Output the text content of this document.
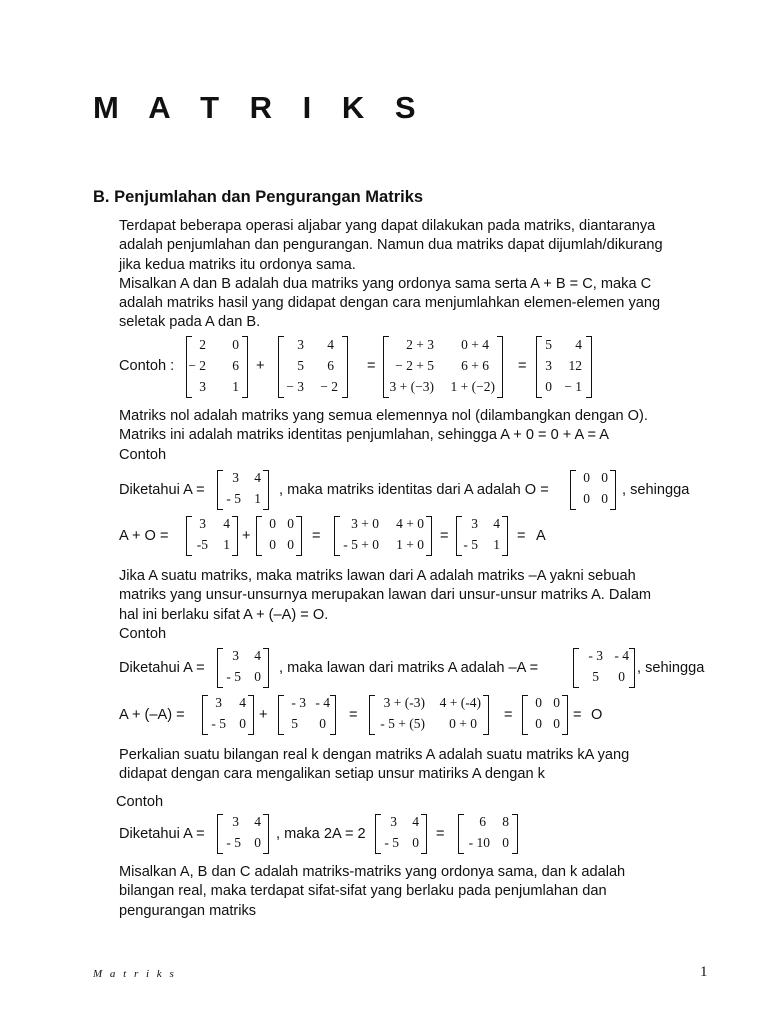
M A T R I K S
B. Penjumlahan dan Pengurangan Matriks
Terdapat beberapa operasi aljabar yang dapat dilakukan pada matriks, diantaranya
adalah penjumlahan dan pengurangan. Namun dua matriks dapat dijumlah/dikurang
jika kedua matriks itu ordonya sama.
Misalkan A dan B adalah dua matriks yang ordonya sama serta A + B = C, maka C
adalah matriks hasil yang didapat dengan cara menjumlahkan elemen-elemen yang
seletak pada A dan B.
Contoh :
2 0
− 2 6
3 1
+
3 4
5 6
− 3 − 2
=
2 + 3 0 + 4
− 2 + 5 6 + 6
3 + (−3) 1 + (−2)
=
5 4
3 12
0 − 1
Matriks nol adalah matriks yang semua elemennya nol (dilambangkan dengan O).
Matriks ini adalah matriks identitas penjumlahan, sehingga A + 0 = 0 + A = A
Contoh
Diketahui A =
3 4
- 5 1
, maka matriks identitas dari A adalah O =
0 0
0 0
, sehingga
A + O =
3 4
-5 1
+
0 0
0 0
=
3 + 0 4 + 0
- 5 + 0 1 + 0
=
3 4
- 5 1
= A
Jika A suatu matriks, maka matriks lawan dari A adalah matriks –A yakni sebuah
matriks yang unsur-unsurnya merupakan lawan dari unsur-unsur matriks A. Dalam
hal ini berlaku sifat A + (–A) = O.
Contoh
Diketahui A =
3 4
- 5 0
, maka lawan dari matriks A adalah –A =
- 3 - 4
5 0
, sehingga
A + (–A) =
3 4
- 5 0
+
- 3 - 4
5 0
=
3 + (-3) 4 + (-4)
- 5 + (5) 0 + 0
=
0 0
0 0
= O
Perkalian suatu bilangan real k dengan matriks A adalah suatu matriks kA yang
didapat dengan cara mengalikan setiap unsur matiriks A dengan k
Contoh
Diketahui A =
3 4
- 5 0
, maka 2A = 2
3 4
- 5 0
=
6 8
- 10 0
Misalkan A, B dan C adalah matriks-matriks yang ordonya sama, dan k adalah
bilangan real, maka terdapat sifat-sifat yang berlaku pada penjumlahan dan
pengurangan matriks
M a t r i k s	1
